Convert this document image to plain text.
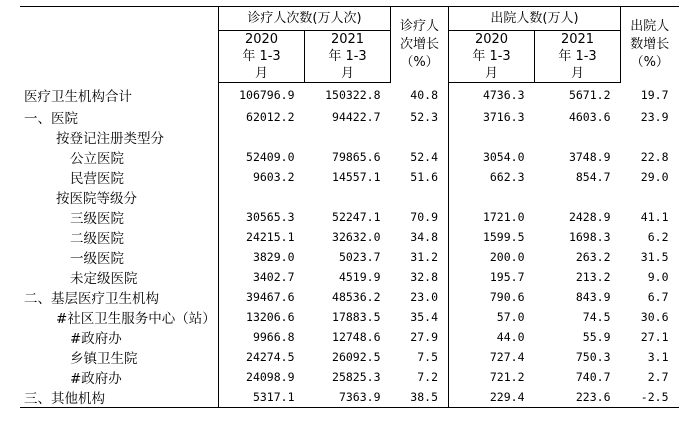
	诊疗人次数(万人次)		诊疗人次增长（%）	出院人数(万人)		出院人数增长（%）

	2020年 1-3月	2021年 1-3月		2020年 1-3月	2021年 1-3月	

医疗卫生机构合计	106796.9	150322.8	40.8	4736.3	5671.2	19.7
一、医院	62012.2	94422.7	52.3	3716.3	4603.6	23.9
按登记注册类型分						
公立医院	52409.0	79865.6	52.4	3054.0	3748.9	22.8
民营医院	9603.2	14557.1	51.6	662.3	854.7	29.0
按医院等级分						
三级医院	30565.3	52247.1	70.9	1721.0	2428.9	41.1
二级医院	24215.1	32632.0	34.8	1599.5	1698.3	6.2
一级医院	3829.0	5023.7	31.2	200.0	263.2	31.5
未定级医院	3402.7	4519.9	32.8	195.7	213.2	9.0
二、基层医疗卫生机构	39467.6	48536.2	23.0	790.6	843.9	6.7
#社区卫生服务中心（站）	13206.6	17883.5	35.4	57.0	74.5	30.6
#政府办	9966.8	12748.6	27.9	44.0	55.9	27.1
乡镇卫生院	24274.5	26092.5	7.5	727.4	750.3	3.1
#政府办	24098.9	25825.3	7.2	721.2	740.7	2.7
三、其他机构	5317.1	7363.9	38.5	229.4	223.6	-2.5
